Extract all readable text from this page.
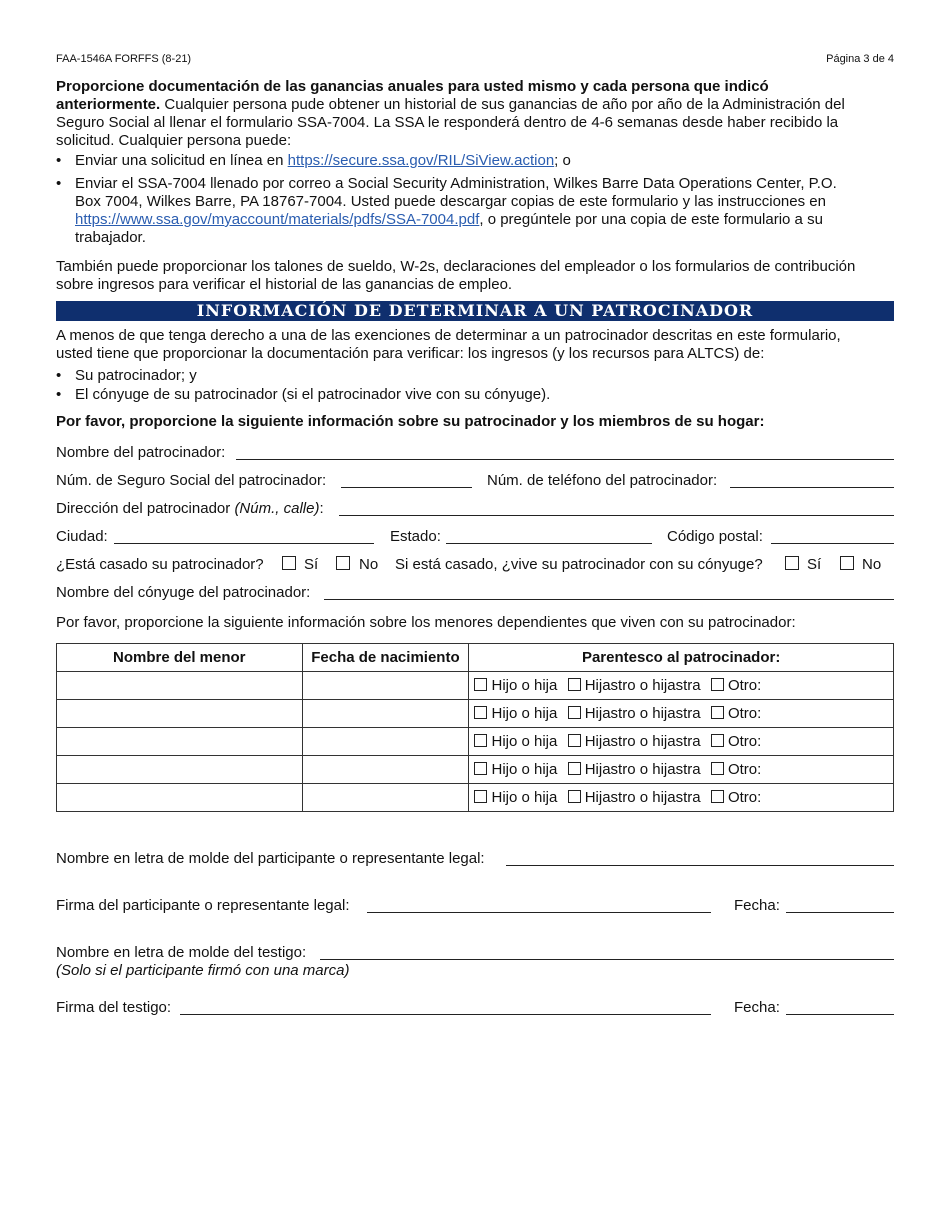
FAA-1546A FORFFS (8-21)	Página 3 de 4
Proporcione documentación de las ganancias anuales para usted mismo y cada persona que indicó
anteriormente. Cualquier persona pude obtener un historial de sus ganancias de año por año de la Administración del
Seguro Social al llenar el formulario SSA-7004. La SSA le responderá dentro de 4-6 semanas desde haber recibido la
solicitud. Cualquier persona puede:
• Enviar una solicitud en línea en https://secure.ssa.gov/RIL/SiView.action; o
• Enviar el SSA-7004 llenado por correo a Social Security Administration, Wilkes Barre Data Operations Center, P.O.
Box 7004, Wilkes Barre, PA 18767-7004. Usted puede descargar copias de este formulario y las instrucciones en
https://www.ssa.gov/myaccount/materials/pdfs/SSA-7004.pdf, o pregúntele por una copia de este formulario a su
trabajador.
También puede proporcionar los talones de sueldo, W-2s, declaraciones del empleador o los formularios de contribución
sobre ingresos para verificar el historial de las ganancias de empleo.
INFORMACIÓN DE DETERMINAR A UN PATROCINADOR
A menos de que tenga derecho a una de las exenciones de determinar a un patrocinador descritas en este formulario,
usted tiene que proporcionar la documentación para verificar: los ingresos (y los recursos para ALTCS) de:
• Su patrocinador; y
• El cónyuge de su patrocinador (si el patrocinador vive con su cónyuge).
Por favor, proporcione la siguiente información sobre su patrocinador y los miembros de su hogar:
Nombre del patrocinador:
Núm. de Seguro Social del patrocinador:	Núm. de teléfono del patrocinador:
Dirección del patrocinador (Núm., calle):
Ciudad:	Estado:	Código postal:
¿Está casado su patrocinador?	Sí	No Si está casado, ¿vive su patrocinador con su cónyuge?	Sí	No
Nombre del cónyuge del patrocinador:
Por favor, proporcione la siguiente información sobre los menores dependientes que viven con su patrocinador:
Nombre del menor	Fecha de nacimiento	Parentesco al patrocinador:
		Hijo o hija Hijastro o hijastra Otro:
		Hijo o hija Hijastro o hijastra Otro:
		Hijo o hija Hijastro o hijastra Otro:
		Hijo o hija Hijastro o hijastra Otro:
		Hijo o hija Hijastro o hijastra Otro:
Nombre en letra de molde del participante o representante legal:
Firma del participante o representante legal:	Fecha:
Nombre en letra de molde del testigo:
(Solo si el participante firmó con una marca)
Firma del testigo:	Fecha:
